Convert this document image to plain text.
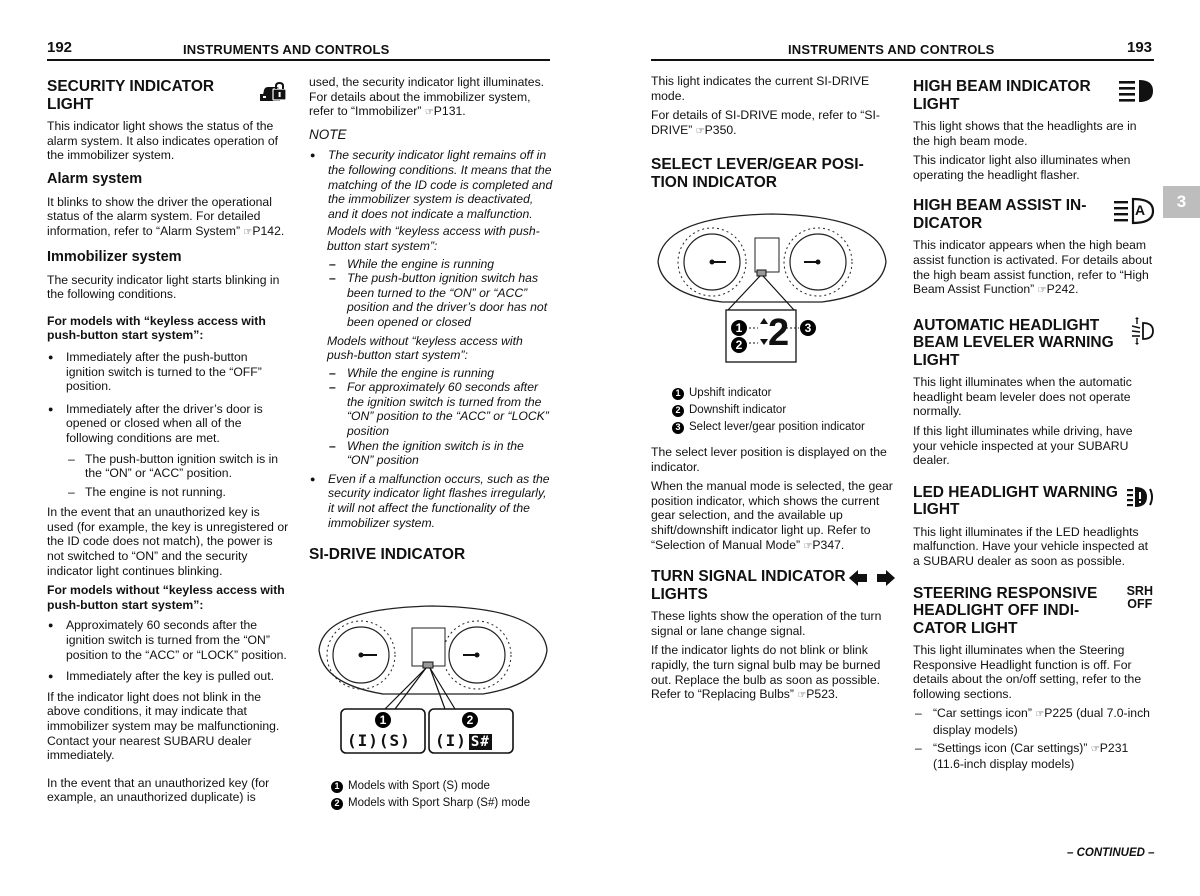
192	INSTRUMENTS AND CONTROLS	INSTRUMENTS AND CONTROLS	193
3
SECURITY INDICATOR LIGHT

This indicator light shows the status of the alarm system. It also indicates operation of the immobilizer system.

Alarm system

It blinks to show the driver the operational status of the alarm system. For detailed information, refer to “Alarm System” ☞P142.

Immobilizer system

The security indicator light starts blinking in the following conditions.

For models with “keyless access with push-button start system”:

● Immediately after the push-button ignition switch is turned to the “OFF” position.
● Immediately after the driver’s door is opened or closed when all of the following conditions are met.
– The push-button ignition switch is in the “ON” or “ACC” position.
– The engine is not running.

In the event that an unauthorized key is used (for example, the key is unregistered or the ID code does not match), the power is not switched to “ON” and the security indicator light continues blinking.

For models without “keyless access with push-button start system”:

● Approximately 60 seconds after the ignition switch is turned from the “ON” position to the “ACC” or “LOCK” position.
● Immediately after the key is pulled out.

If the indicator light does not blink in the above conditions, it may indicate that immobilizer system may be malfunctioning. Contact your nearest SUBARU dealer immediately.

In the event that an unauthorized key (for example, an unauthorized duplicate) is

used, the security indicator light illuminates. For details about the immobilizer system, refer to “Immobilizer” ☞P131.

NOTE
● The security indicator light remains off in the following conditions. It means that the matching of the ID code is completed and the immobilizer system is deactivated, and it does not indicate a malfunction.

Models with “keyless access with push-button start system”:

– While the engine is running
– The push-button ignition switch has been turned to the “ON” or “ACC” position and the driver’s door has not been opened or closed

Models without “keyless access with push-button start system”:

– While the engine is running
– For approximately 60 seconds after the ignition switch is turned from the “ON” position to the “ACC” or “LOCK” position
– When the ignition switch is in the “ON” position
● Even if a malfunction occurs, such as the security indicator light flashes irregularly, it will not affect the functionality of the immobilizer system.
SI-DRIVE INDICATOR
1	2
(I)(S) (I) S#
1 Models with Sport (S) mode
2 Models with Sport Sharp (S#) mode

This light indicates the current SI-DRIVE mode.

For details of SI-DRIVE mode, refer to “SI-DRIVE” ☞P350.

SELECT LEVER/GEAR POSITION INDICATOR
2
1
2
3
1 Upshift indicator
2 Downshift indicator
3 Select lever/gear position indicator

The select lever position is displayed on the indicator.

When the manual mode is selected, the gear position indicator, which shows the current gear selection, and the available up shift/downshift indicator light up. Refer to “Selection of Manual Mode” ☞P347.

TURN SIGNAL INDICATOR LIGHTS

These lights show the operation of the turn signal or lane change signal.

If the indicator lights do not blink or blink rapidly, the turn signal bulb may be burned out. Replace the bulb as soon as possible. Refer to “Replacing Bulbs” ☞P523.

HIGH BEAM INDICATOR LIGHT

This light shows that the headlights are in the high beam mode.

This indicator light also illuminates when operating the headlight flasher.

HIGH BEAM ASSIST INDICATOR
A

This indicator appears when the high beam assist function is activated. For details about the high beam assist function, refer to “High Beam Assist Function” ☞P242.

AUTOMATIC HEADLIGHT BEAM LEVELER WARNING LIGHT

This light illuminates when the automatic headlight beam leveler does not operate normally.

If this light illuminates while driving, have your vehicle inspected at your SUBARU dealer.

LED HEADLIGHT WARNING LIGHT

This light illuminates if the LED headlights malfunction. Have your vehicle inspected at a SUBARU dealer as soon as possible.

STEERING RESPONSIVE HEADLIGHT OFF INDICATOR LIGHT
SRH
OFF

This light illuminates when the Steering Responsive Headlight function is off. For details about the on/off setting, refer to the following sections.

– “Car settings icon” ☞P225 (dual 7.0-inch display models)
– “Settings icon (Car settings)” ☞P231 (11.6-inch display models)
– CONTINUED –
